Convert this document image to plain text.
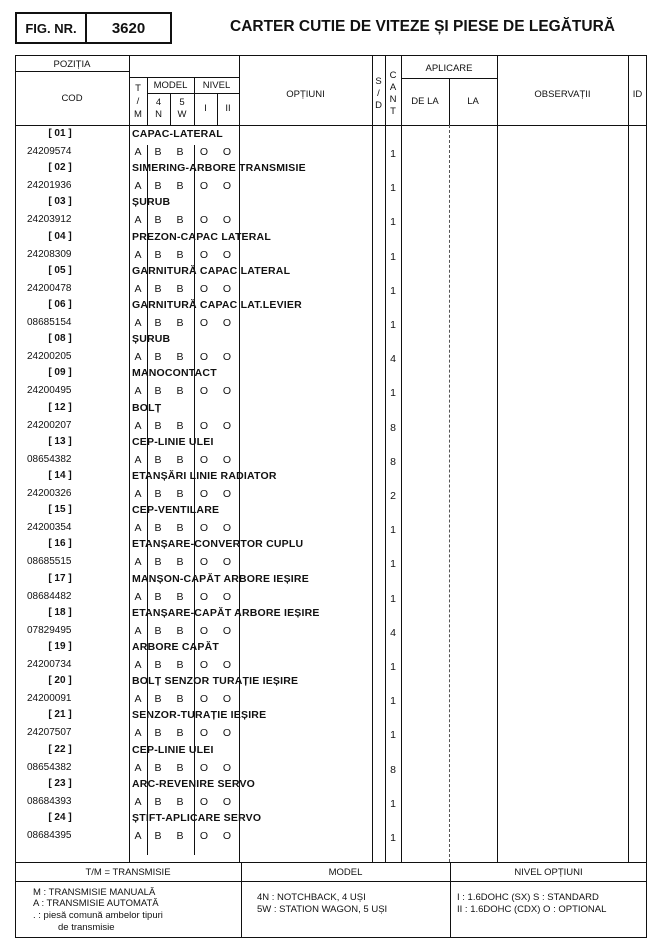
FIG. NR.	3620	CARTER CUTIE DE VITEZE ȘI PIESE DE LEGĂTURĂ
POZIȚIA
COD
T
/
M
MODEL
4
N
5
W
NIVEL
I	II
OPȚIUNI
S
/
D
C
A
N
T
APLICARE
DE LA	LA
OBSERVAȚII	ID
[ 01 ]	CAPAC-LATERAL
24209574	A	B	B	O	O	1
[ 02 ]	SIMERING-ARBORE TRANSMISIE
24201936	A	B	B	O	O	1
[ 03 ]	ȘURUB
24203912	A	B	B	O	O	1
[ 04 ]	PREZON-CAPAC LATERAL
24208309	A	B	B	O	O	1
[ 05 ]	GARNITURĂ CAPAC LATERAL
24200478	A	B	B	O	O	1
[ 06 ]	GARNITURĂ CAPAC LAT.LEVIER
08685154	A	B	B	O	O	1
[ 08 ]	ȘURUB
24200205	A	B	B	O	O	4
[ 09 ]	MANOCONTACT
24200495	A	B	B	O	O	1
[ 12 ]	BOLȚ
24200207	A	B	B	O	O	8
[ 13 ]	CEP-LINIE ULEI
08654382	A	B	B	O	O	8
[ 14 ]	ETANȘĂRI LINIE RADIATOR
24200326	A	B	B	O	O	2
[ 15 ]	CEP-VENTILARE
24200354	A	B	B	O	O	1
[ 16 ]	ETANȘARE-CONVERTOR CUPLU
08685515	A	B	B	O	O	1
[ 17 ]	MANȘON-CAPĂT ARBORE IEȘIRE
08684482	A	B	B	O	O	1
[ 18 ]	ETANȘARE-CAPĂT ARBORE IEȘIRE
07829495	A	B	B	O	O	4
[ 19 ]	ARBORE CAPĂT
24200734	A	B	B	O	O	1
[ 20 ]	BOLȚ SENZOR TURAȚIE IEȘIRE
24200091	A	B	B	O	O	1
[ 21 ]	SENZOR-TURAȚIE IEȘIRE
24207507	A	B	B	O	O	1
[ 22 ]	CEP-LINIE ULEI
08654382	A	B	B	O	O	8
[ 23 ]	ARC-REVENIRE SERVO
08684393	A	B	B	O	O	1
[ 24 ]	ȘTIFT-APLICARE SERVO
08684395	A	B	B	O	O	1
T/M = TRANSMISIE
M : TRANSMISIE MANUALĂ
A : TRANSMISIE AUTOMATĂ
. : piesă comună ambelor tipuri
de transmisie
MODEL
4N : NOTCHBACK, 4 UȘI
5W : STATION WAGON, 5 UȘI
NIVEL OPȚIUNI
I : 1.6DOHC (SX) S : STANDARD
II : 1.6DOHC (CDX) O : OPTIONAL
